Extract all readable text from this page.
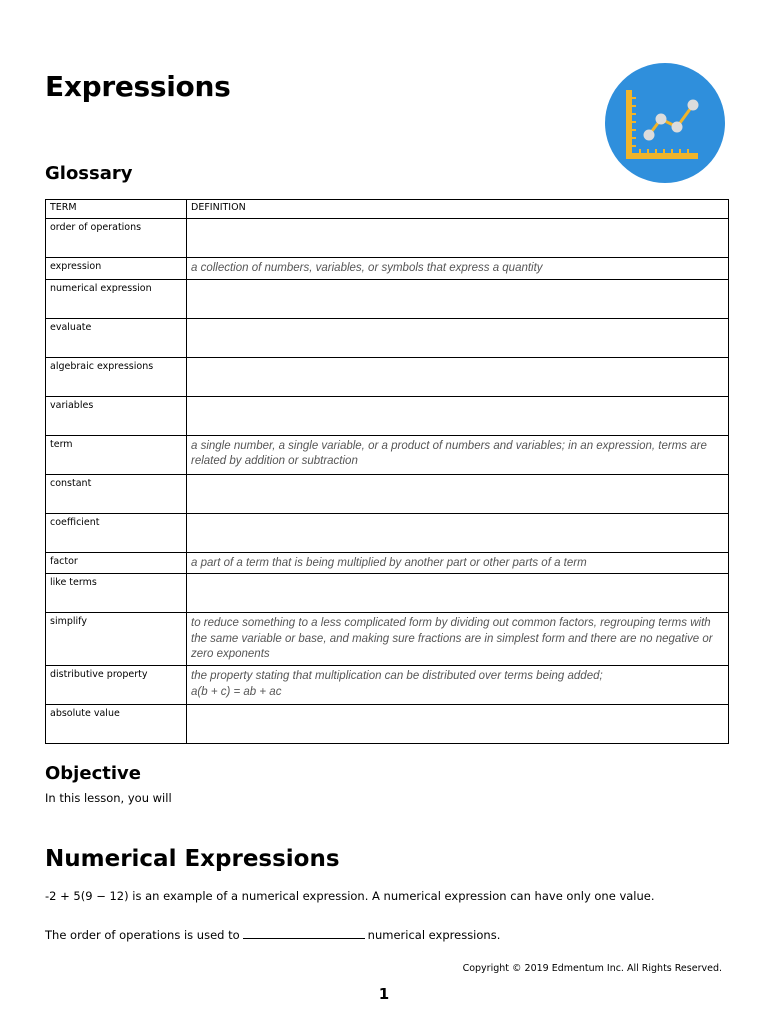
Expressions
Glossary
TERM	DEFINITION
order of operations	
expression	a collection of numbers, variables, or symbols that express a quantity
numerical expression	
evaluate	
algebraic expressions	
variables	
term	a single number, a single variable, or a product of numbers and variables; in an expression, terms are related by addition or subtraction
constant	
coefficient	
factor	a part of a term that is being multiplied by another part or other parts of a term
like terms	
simplify	to reduce something to a less complicated form by dividing out common factors, regrouping terms with the same variable or base, and making sure fractions are in simplest form and there are no negative or zero exponents
distributive property	the property stating that multiplication can be distributed over terms being added;
a(b + c) = ab + ac
absolute value	
Objective
In this lesson, you will
Numerical Expressions
-2 + 5(9 − 12) is an example of a numerical expression. A numerical expression can have only one value.
The order of operations is used to	numerical expressions.
Copyright © 2019 Edmentum Inc. All Rights Reserved.
1
